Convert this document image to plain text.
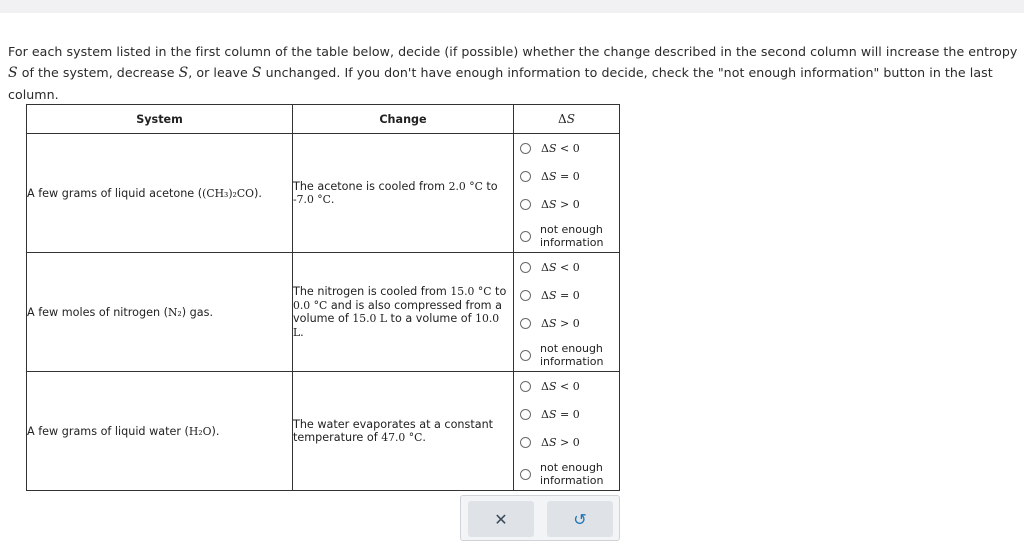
For each system listed in the first column of the table below, decide (if possible) whether the change described in the second column will increase the entropy S of the system, decrease S, or leave S unchanged. If you don't have enough information to decide, check the "not enough information" button in the last column.
System	Change	ΔS
A few grams of liquid acetone ((CH₃)₂CO).	The acetone is cooled from 2.0 °C to -7.0 °C.	ΔS < 0
ΔS = 0
ΔS > 0
not enough
information

A few moles of nitrogen (N₂) gas.	The nitrogen is cooled from 15.0 °C to 0.0 °C and is also compressed from a volume of 15.0 L to a volume of 10.0 L.	ΔS < 0
ΔS = 0
ΔS > 0
not enough
information

A few grams of liquid water (H₂O).	The water evaporates at a constant temperature of 47.0 °C.	ΔS < 0
ΔS = 0
ΔS > 0
not enough
information
✕	↺
